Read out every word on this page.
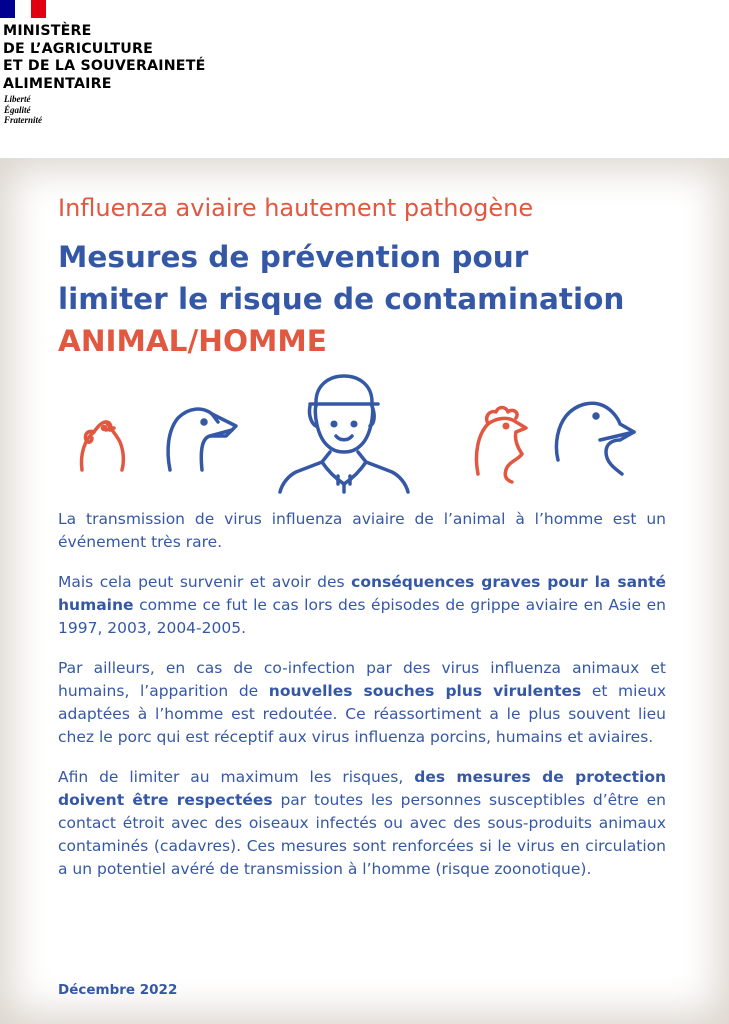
MINISTÈRE
DE L’AGRICULTURE
ET DE LA SOUVERAINETÉ
ALIMENTAIRE
Liberté
Égalité
Fraternité
Influenza aviaire hautement pathogène
Mesures de prévention pour
limiter le risque de contamination
ANIMAL/HOMME

La transmission de virus influenza aviaire de l’animal à l’homme est un événement très rare.

Mais cela peut survenir et avoir des conséquences graves pour la santé humaine comme ce fut le cas lors des épisodes de grippe aviaire en Asie en 1997, 2003, 2004-2005.

Par ailleurs, en cas de co-infection par des virus influenza animaux et humains, l’apparition de nouvelles souches plus virulentes et mieux adaptées à l’homme est redoutée. Ce réassortiment a le plus souvent lieu chez le porc qui est réceptif aux virus influenza porcins, humains et aviaires.

Afin de limiter au maximum les risques, des mesures de protection doivent être respectées par toutes les personnes susceptibles d’être en contact étroit avec des oiseaux infectés ou avec des sous-produits animaux contaminés (cadavres). Ces mesures sont renforcées si le virus en circulation a un potentiel avéré de transmission à l’homme (risque zoonotique).

Décembre 2022
